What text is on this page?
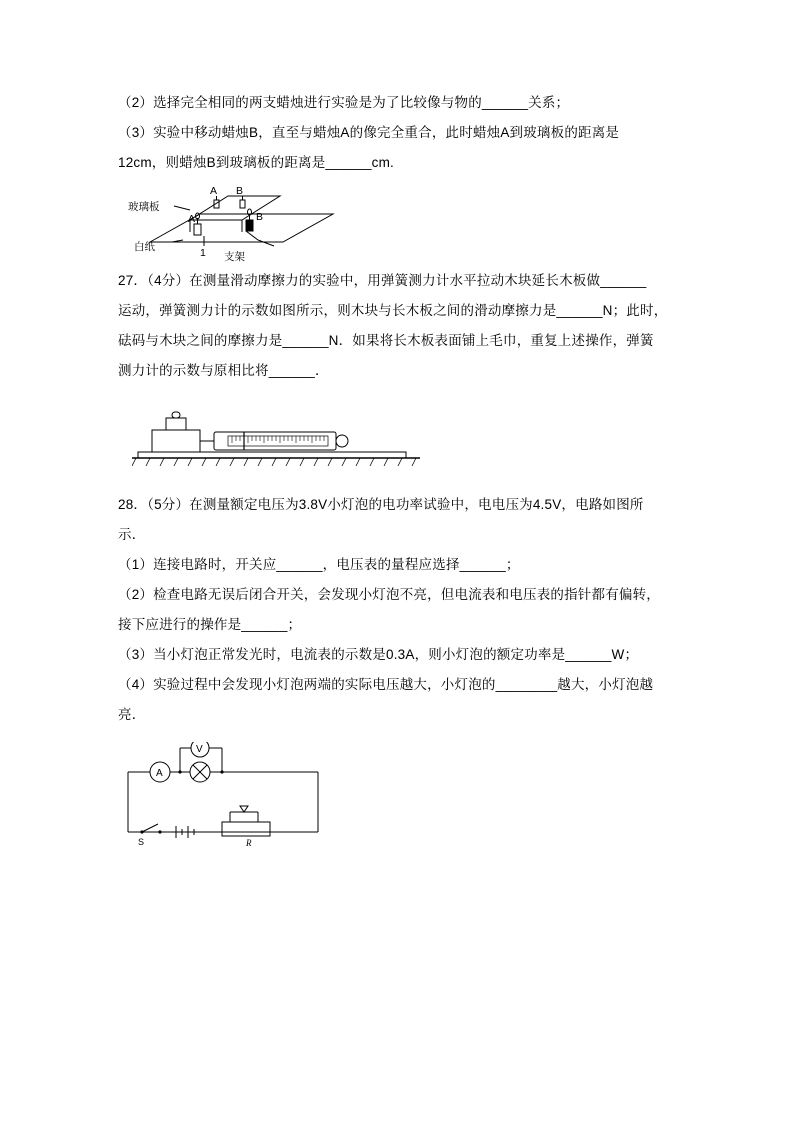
（2）选择完全相同的两支蜡烛进行实验是为了比较像与物的______关系；

（3）实验中移动蜡烛B，直至与蜡烛A的像完全重合，此时蜡烛A到玻璃板的距离是

12cm，则蜡烛B到玻璃板的距离是______cm.

玻璃板
白纸
支架
1
A B
A	B

27．（4分）在测量滑动摩擦力的实验中，用弹簧测力计水平拉动木块延长木板做______

运动，弹簧测力计的示数如图所示，则木块与长木板之间的滑动摩擦力是______N；此时，

砝码与木块之间的摩擦力是______N．如果将长木板表面铺上毛巾，重复上述操作，弹簧

测力计的示数与原相比将______．

28．（5分）在测量额定电压为3.8V小灯泡的电功率试验中，电电压为4.5V，电路如图所

示．

（1）连接电路时，开关应______，电压表的量程应选择______；

（2）检查电路无误后闭合开关，会发现小灯泡不亮，但电流表和电压表的指针都有偏转，

接下应进行的操作是______；

（3）当小灯泡正常发光时，电流表的示数是0.3A，则小灯泡的额定功率是______W；

（4）实验过程中会发现小灯泡两端的实际电压越大，小灯泡的________越大，小灯泡越

亮．

A
V
S	R
